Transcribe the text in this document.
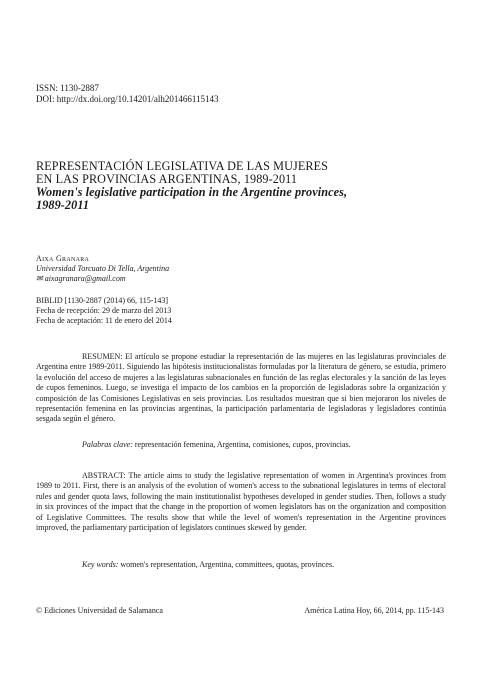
ISSN: 1130-2887
DOI: http://dx.doi.org/10.14201/alh201466115143
REPRESENTACIÓN LEGISLATIVA DE LAS MUJERES
EN LAS PROVINCIAS ARGENTINAS, 1989-2011
Women's legislative participation in the Argentine provinces,
1989-2011
Aixa Granara
Universidad Torcuato Di Tella, Argentina
✉ aixagranara@gmail.com
BIBLID [1130-2887 (2014) 66, 115-143]
Fecha de recepción: 29 de marzo del 2013
Fecha de aceptación: 11 de enero del 2014

RESUMEN: El artículo se propone estudiar la representación de las mujeres en las legislaturas provinciales de Argentina entre 1989-2011. Siguiendo las hipótesis institucionalistas formuladas por la literatura de género, se estudia, primero la evolución del acceso de mujeres a las legislaturas subnacionales en función de las reglas electorales y la sanción de las leyes de cupos femeninos. Luego, se investiga el impacto de los cambios en la proporción de legisladoras sobre la organización y composición de las Comisiones Legislativas en seis provincias. Los resultados muestran que si bien mejoraron los niveles de representación femenina en las provincias argentinas, la participación parlamentaria de legisladoras y legisladores continúa sesgada según el género.

Palabras clave: representación femenina, Argentina, comisiones, cupos, provincias.

ABSTRACT: The article aims to study the legislative representation of women in Argentina's provinces from 1989 to 2011. First, there is an analysis of the evolution of women's access to the subnational legislatures in terms of electoral rules and gender quota laws, following the main institutionalist hypotheses developed in gender studies. Then, follows a study in six provinces of the impact that the change in the proportion of women legislators has on the organization and composition of Legislative Committees. The results show that while the level of women's representation in the Argentine provinces improved, the parliamentary participation of legislators continues skewed by gender.

Key words: women's representation, Argentina, committees, quotas, provinces.
© Ediciones Universidad de Salamanca	América Latina Hoy, 66, 2014, pp. 115-143
